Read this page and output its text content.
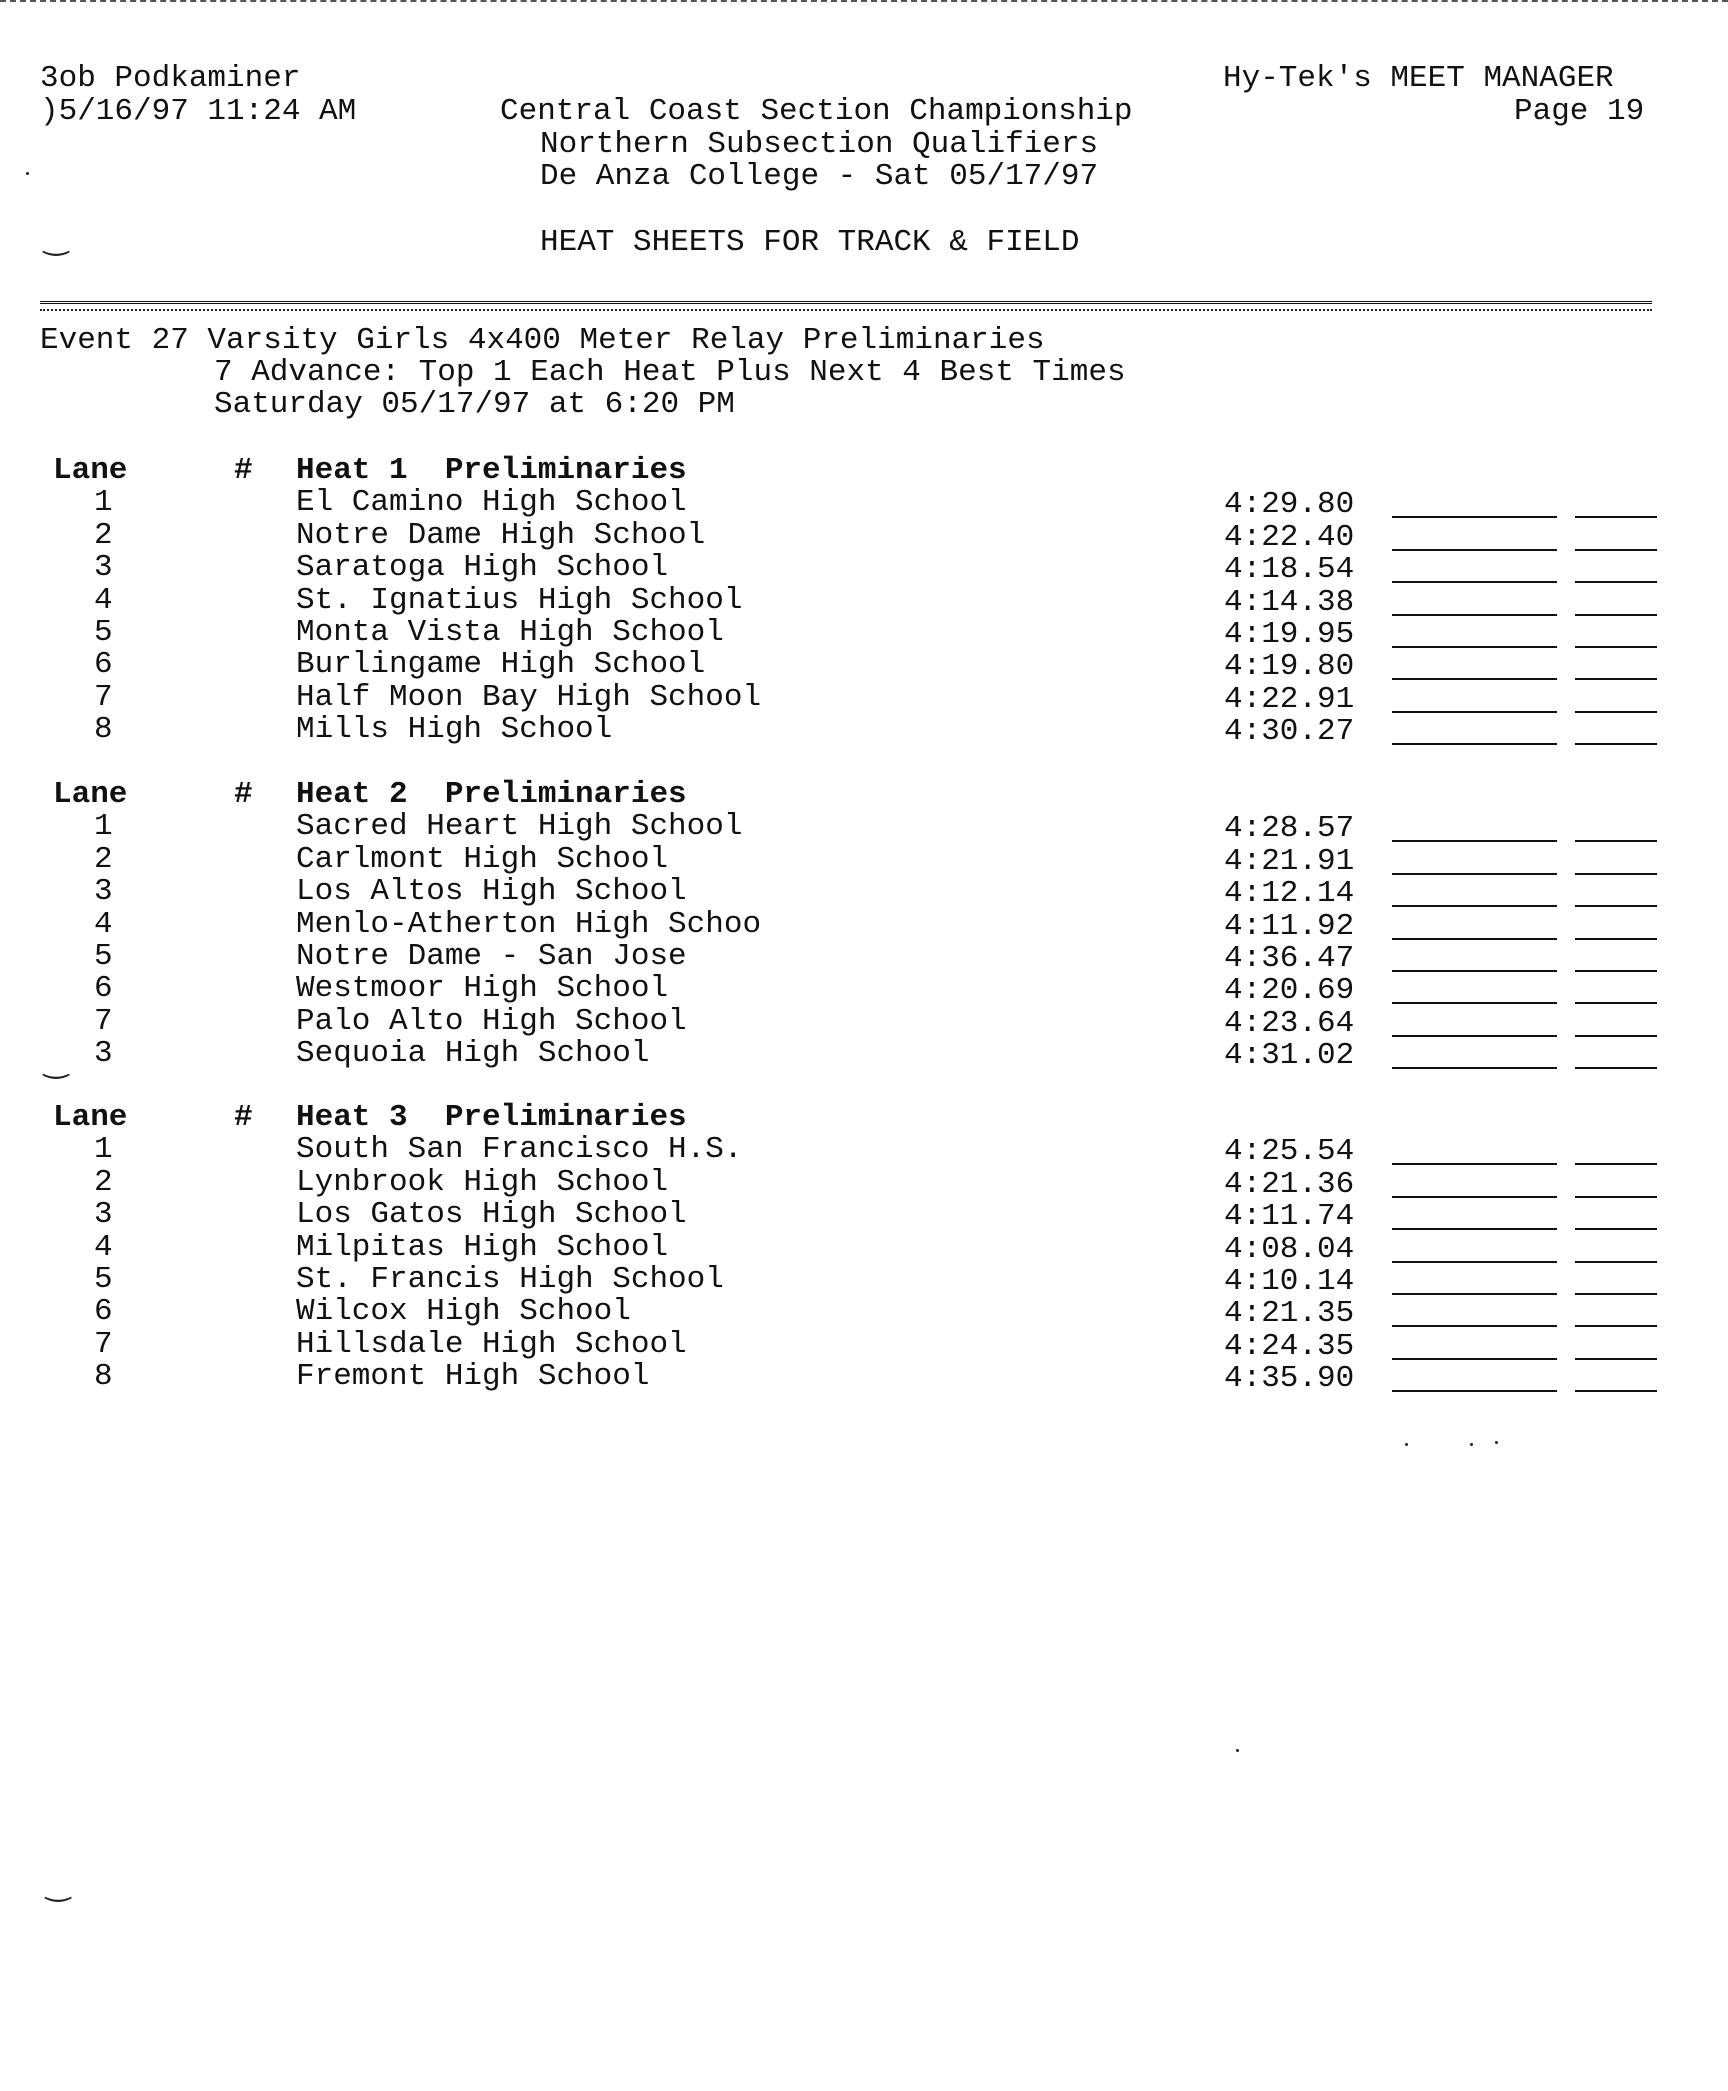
3ob Podkaminer
)5/16/97 11:24 AM
Hy-Tek's MEET MANAGER
Page 19
Central Coast Section Championship
Northern Subsection Qualifiers
De Anza College - Sat 05/17/97
HEAT SHEETS FOR TRACK & FIELD
Event 27 Varsity Girls 4x400 Meter Relay Preliminaries
7 Advance: Top 1 Each Heat Plus Next 4 Best Times
Saturday 05/17/97 at 6:20 PM
Lane	# Heat 1  Preliminaries
1	El Camino High School	4:29.80
2	Notre Dame High School	4:22.40
3	Saratoga High School	4:18.54
4	St. Ignatius High School	4:14.38
5	Monta Vista High School	4:19.95
6	Burlingame High School	4:19.80
7	Half Moon Bay High School	4:22.91
8	Mills High School	4:30.27
Lane	# Heat 2  Preliminaries
1	Sacred Heart High School	4:28.57
2	Carlmont High School	4:21.91
3	Los Altos High School	4:12.14
4	Menlo-Atherton High Schoo	4:11.92
5	Notre Dame - San Jose	4:36.47
6	Westmoor High School	4:20.69
7	Palo Alto High School	4:23.64
3	Sequoia High School	4:31.02
Lane	# Heat 3  Preliminaries
1	South San Francisco H.S.	4:25.54
2	Lynbrook High School	4:21.36
3	Los Gatos High School	4:11.74
4	Milpitas High School	4:08.04
5	St. Francis High School	4:10.14
6	Wilcox High School	4:21.35
7	Hillsdale High School	4:24.35
8	Fremont High School	4:35.90
‿
‿
‿
